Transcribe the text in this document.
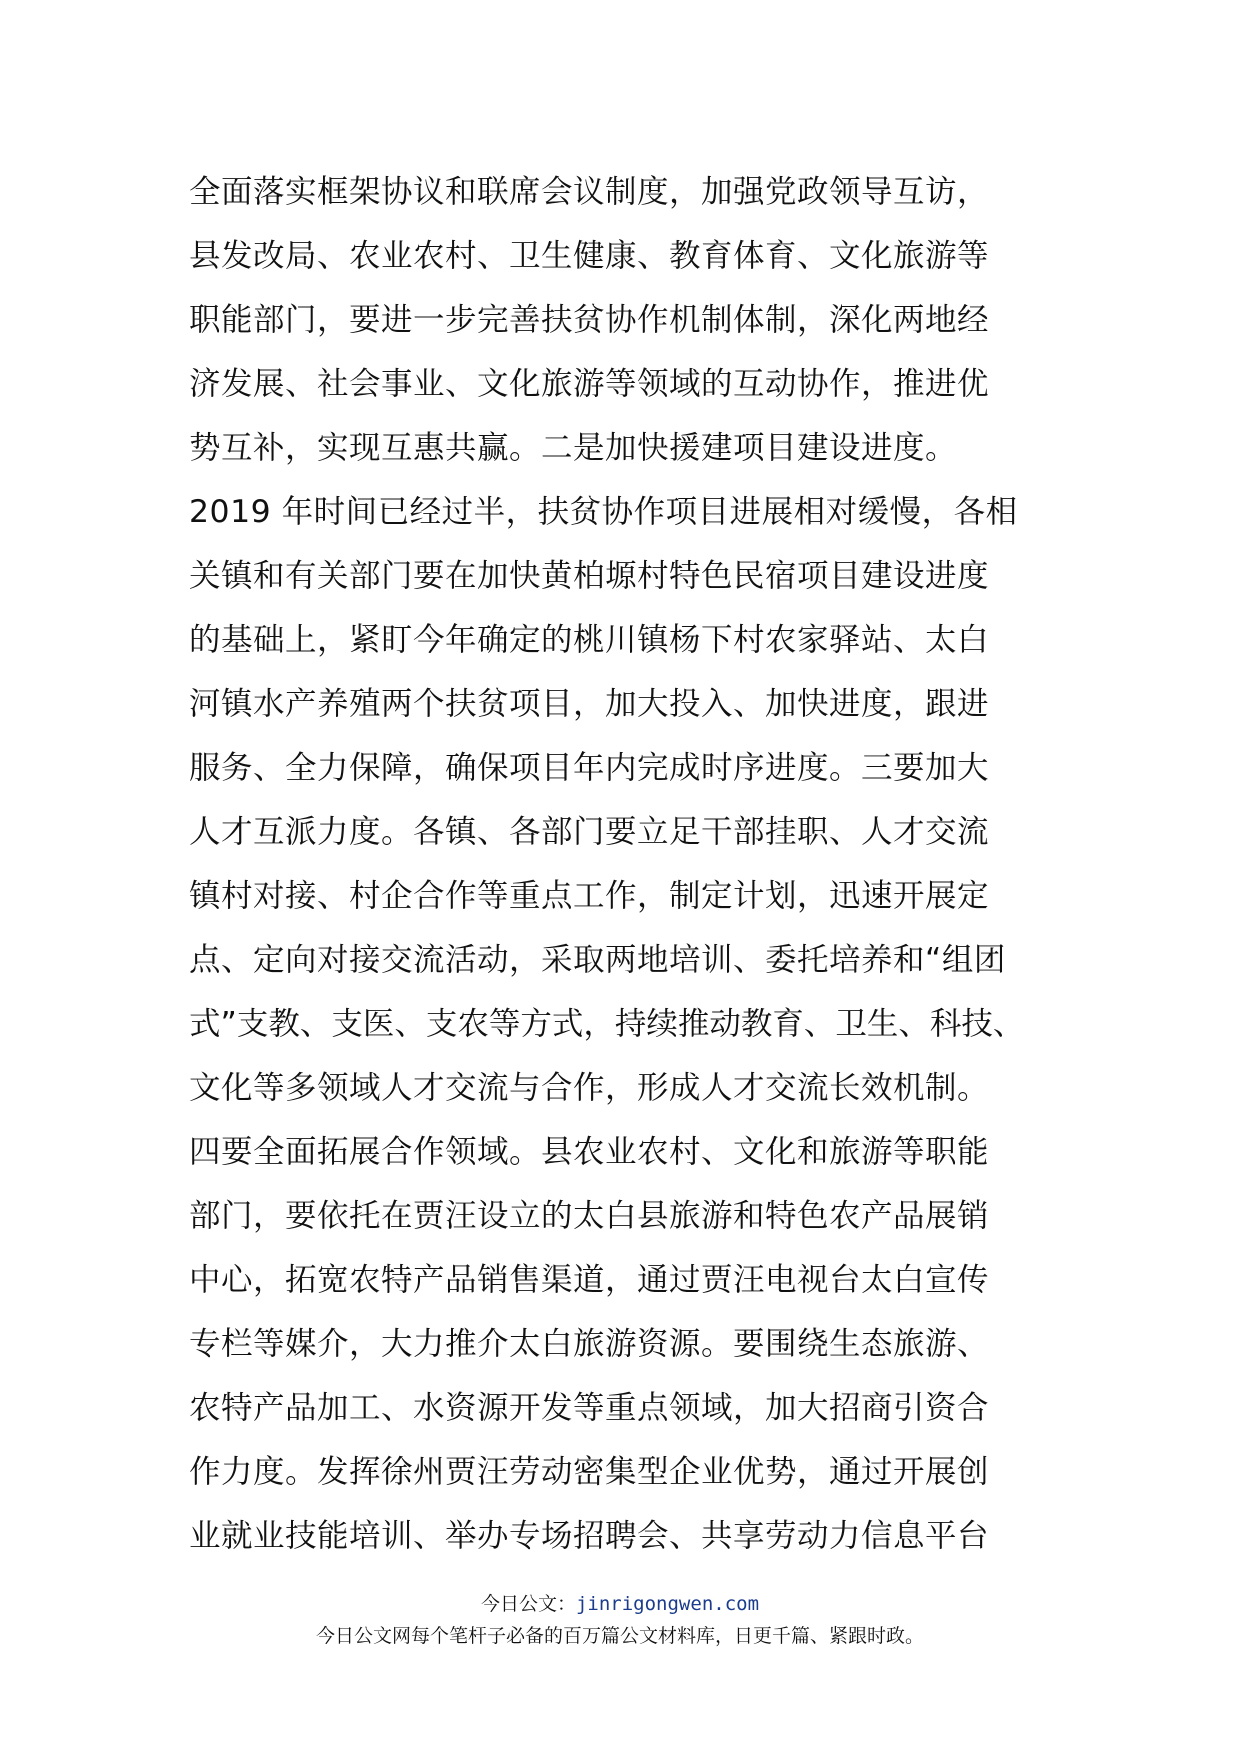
全面落实框架协议和联席会议制度，加强党政领导互访，
县发改局、农业农村、卫生健康、教育体育、文化旅游等
职能部门，要进一步完善扶贫协作机制体制，深化两地经
济发展、社会事业、文化旅游等领域的互动协作，推进优
势互补，实现互惠共赢。二是加快援建项目建设进度。
2019 年时间已经过半，扶贫协作项目进展相对缓慢，各相
关镇和有关部门要在加快黄柏塬村特色民宿项目建设进度
的基础上，紧盯今年确定的桃川镇杨下村农家驿站、太白
河镇水产养殖两个扶贫项目，加大投入、加快进度，跟进
服务、全力保障，确保项目年内完成时序进度。三要加大
人才互派力度。各镇、各部门要立足干部挂职、人才交流
镇村对接、村企合作等重点工作，制定计划，迅速开展定
点、定向对接交流活动，采取两地培训、委托培养和“组团
式”支教、支医、支农等方式，持续推动教育、卫生、科技、
文化等多领域人才交流与合作，形成人才交流长效机制。
四要全面拓展合作领域。县农业农村、文化和旅游等职能
部门，要依托在贾汪设立的太白县旅游和特色农产品展销
中心，拓宽农特产品销售渠道，通过贾汪电视台太白宣传
专栏等媒介，大力推介太白旅游资源。要围绕生态旅游、
农特产品加工、水资源开发等重点领域，加大招商引资合
作力度。发挥徐州贾汪劳动密集型企业优势，通过开展创
业就业技能培训、举办专场招聘会、共享劳动力信息平台
今日公文：jinrigongwen.com
今日公文网每个笔杆子必备的百万篇公文材料库，日更千篇、紧跟时政。
